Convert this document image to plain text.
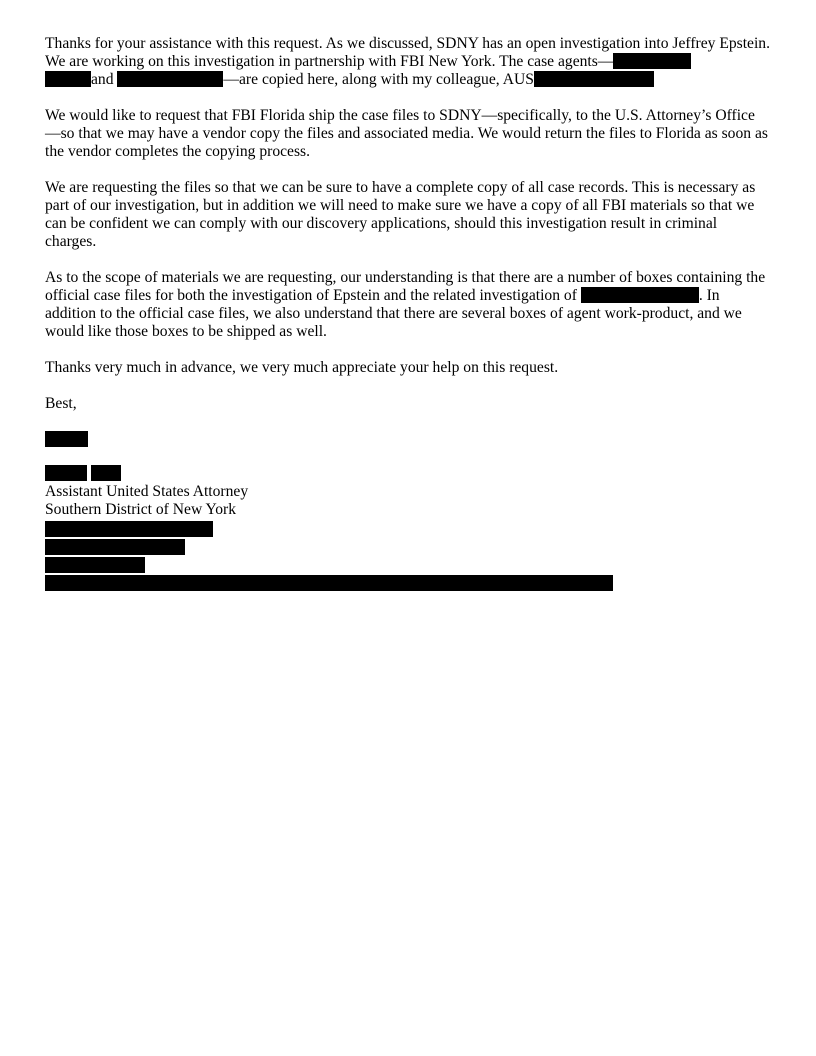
Thanks for your assistance with this request. As we discussed, SDNY has an open investigation into Jeffrey Epstein. We are working on this investigation in partnership with FBI New York. The case agents—
and	—are copied here, along with my colleague, AUS

We would like to request that FBI Florida ship the case files to SDNY—specifically, to the U.S. Attorney’s Office—so that we may have a vendor copy the files and associated media. We would return the files to Florida as soon as the vendor completes the copying process.

We are requesting the files so that we can be sure to have a complete copy of all case records. This is necessary as part of our investigation, but in addition we will need to make sure we have a copy of all FBI materials so that we can be confident we can comply with our discovery applications, should this investigation result in criminal charges.

As to the scope of materials we are requesting, our understanding is that there are a number of boxes containing the official case files for both the investigation of Epstein and the related investigation of	. In addition to the official case files, we also understand that there are several boxes of agent work-product, and we would like those boxes to be shipped as well.

Thanks very much in advance, we very much appreciate your help on this request.

Best,

Assistant United States Attorney
Southern District of New York
